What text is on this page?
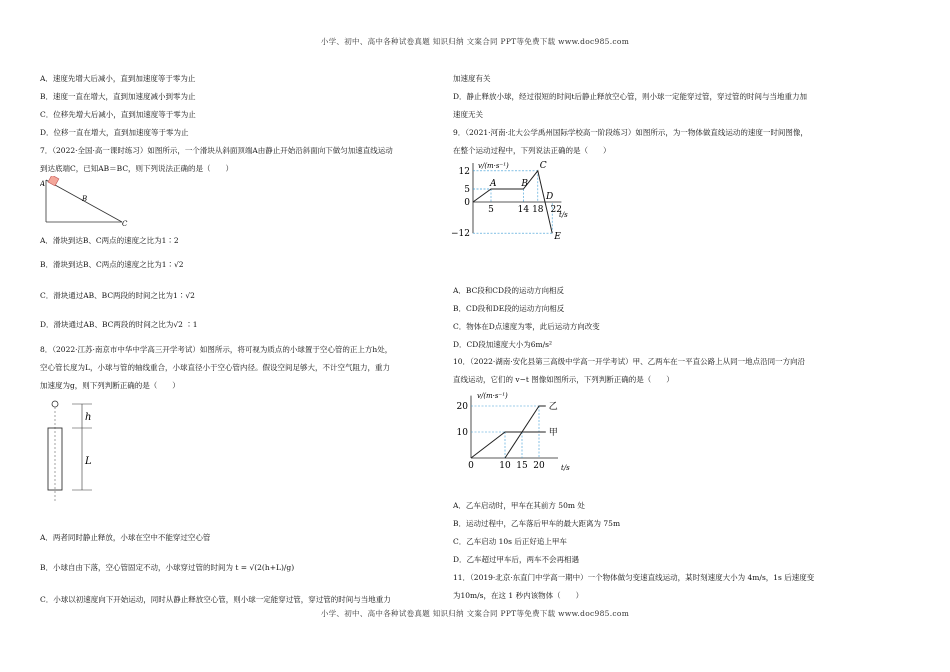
小学、初中、高中各种试卷真题 知识归纳 文案合同 PPT等免费下载 www.doc985.com
A．速度先增大后减小，直到加速度等于零为止
B．速度一直在增大，直到加速度减小到零为止
C．位移先增大后减小，直到加速度等于零为止
D．位移一直在增大，直到加速度等于零为止
7．（2022·全国·高一课时练习）如图所示，一个滑块从斜面顶端A由静止开始沿斜面向下做匀加速直线运动
到达底端C，已知AB＝BC，则下列说法正确的是（　　）
A
B
C
A．滑块到达B、C两点的速度之比为1∶2
B．滑块到达B、C两点的速度之比为1∶√2
C．滑块通过AB、BC两段的时间之比为1∶√2
D．滑块通过AB、BC两段的时间之比为√2 ∶1
8．（2022·江苏·南京市中华中学高三开学考试）如图所示，将可视为质点的小球置于空心管的正上方h处，
空心管长度为L，小球与管的轴线重合，小球直径小于空心管内径。假设空间足够大，不计空气阻力，重力
加速度为g，则下列判断正确的是（　　）
h
L
A．两者同时静止释放，小球在空中不能穿过空心管
B．小球自由下落，空心管固定不动，小球穿过管的时间为 t = √(2(h+L)/g)
C．小球以初速度向下开始运动，同时从静止释放空心管，则小球一定能穿过管，穿过管的时间与当地重力
加速度有关
D．静止释放小球，经过很短的时间t后静止释放空心管，则小球一定能穿过管，穿过管的时间与当地重力加
速度无关
9．（2021·河南·北大公学禹州国际学校高一阶段练习）如图所示，为一物体做直线运动的速度一时间图像，
在整个运动过程中，下列说法正确的是（　　）
12
5
0
−12
5	14 18 22
A	B
C
D
E
v/(m·s⁻¹)
t/s
A．BC段和CD段的运动方向相反
B．CD段和DE段的运动方向相反
C．物体在D点速度为零，此后运动方向改变
D．CD段加速度大小为6m/s²
10．（2022·湖南·安化县第三高级中学高一开学考试）甲、乙两车在一平直公路上从同一地点沿同一方向沿
直线运动，它们的 v−t 图像如图所示，下列判断正确的是（　　）
20
10
0	10 15 20
甲
乙
v/(m·s⁻¹)
t/s
A．乙车启动时，甲车在其前方 50m 处
B．运动过程中，乙车落后甲车的最大距离为 75m
C．乙车启动 10s 后正好追上甲车
D．乙车超过甲车后，两车不会再相遇
11．（2019·北京·东直门中学高一期中）一个物体做匀变速直线运动，某时刻速度大小为 4m/s，1s 后速度变
为10m/s，在这 1 秒内该物体（　　）
小学、初中、高中各种试卷真题 知识归纳 文案合同 PPT等免费下载 www.doc985.com
